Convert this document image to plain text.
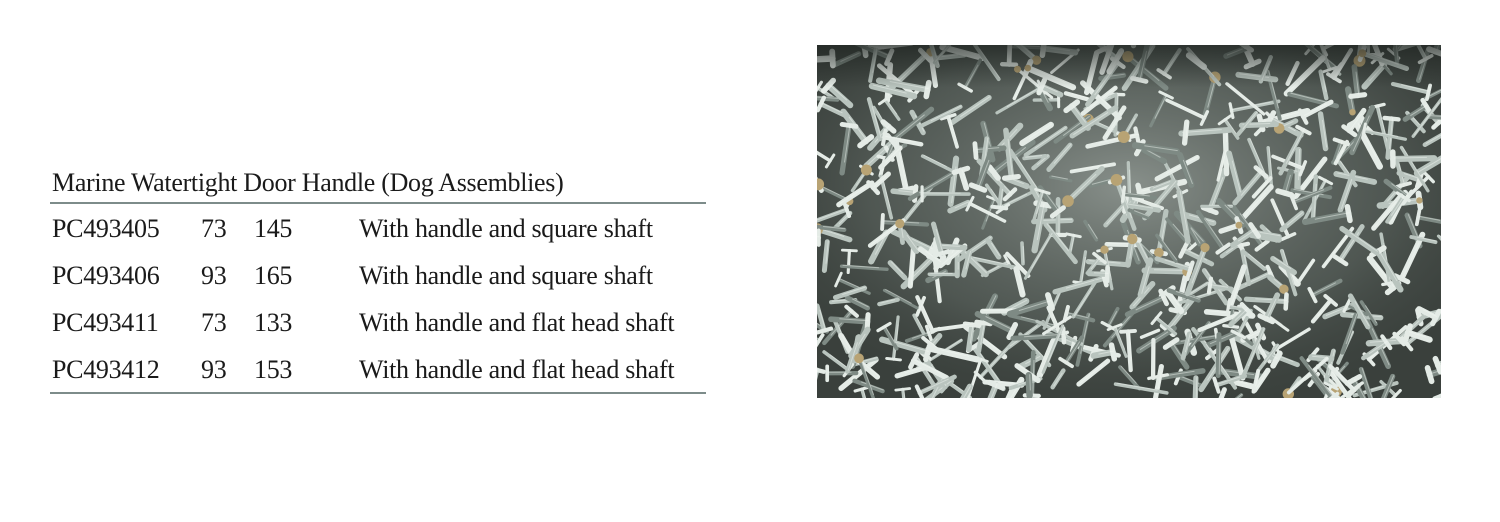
Marine Watertight Door Handle (Dog Assemblies)
PC493405 73 145	With handle and square shaft
PC493406 93 165	With handle and square shaft
PC493411 73 133	With handle and flat head shaft
PC493412 93 153	With handle and flat head shaft
